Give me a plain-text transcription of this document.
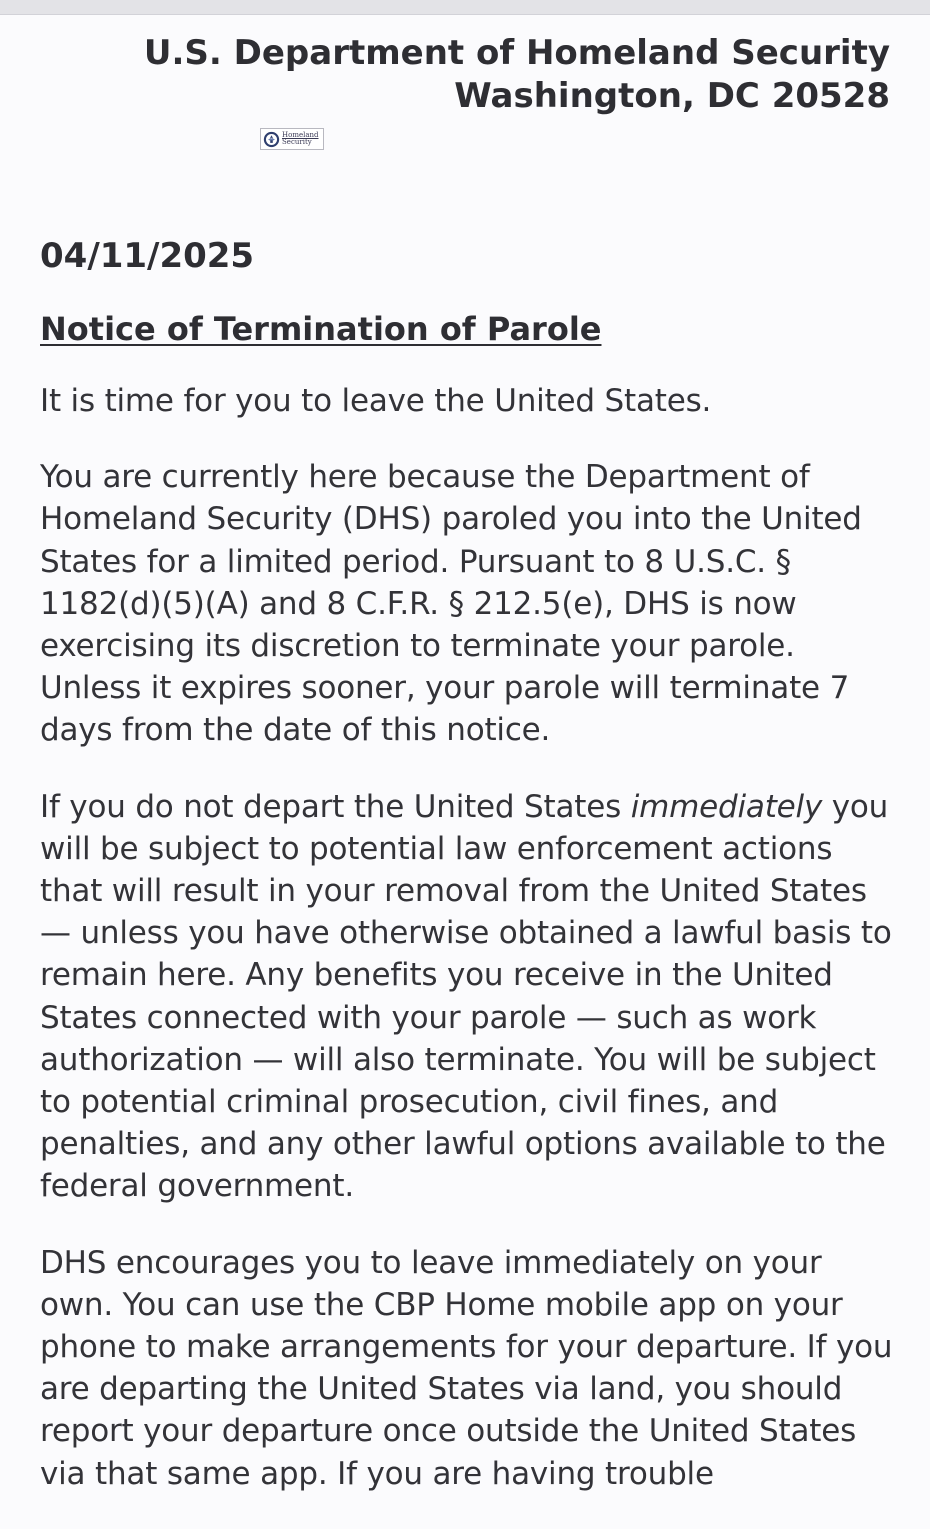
U.S. Department of Homeland Security
Washington, DC 20528
Homeland
Security
04/11/2025
Notice of Termination of Parole

It is time for you to leave the United States.

You are currently here because the Department of Homeland Security (DHS) paroled you into the United States for a limited period. Pursuant to 8 U.S.C. § 1182(d)(5)(A) and 8 C.F.R. § 212.5(e), DHS is now exercising its discretion to terminate your parole. Unless it expires sooner, your parole will terminate 7 days from the date of this notice.

If you do not depart the United States immediately you will be subject to potential law enforcement actions that will result in your removal from the United States — unless you have otherwise obtained a lawful basis to remain here. Any benefits you receive in the United States connected with your parole — such as work authorization — will also terminate. You will be subject to potential criminal prosecution, civil fines, and penalties, and any other lawful options available to the federal government.

DHS encourages you to leave immediately on your own. You can use the CBP Home mobile app on your phone to make arrangements for your departure. If you are departing the United States via land, you should report your departure once outside the United States via that same app. If you are having trouble
